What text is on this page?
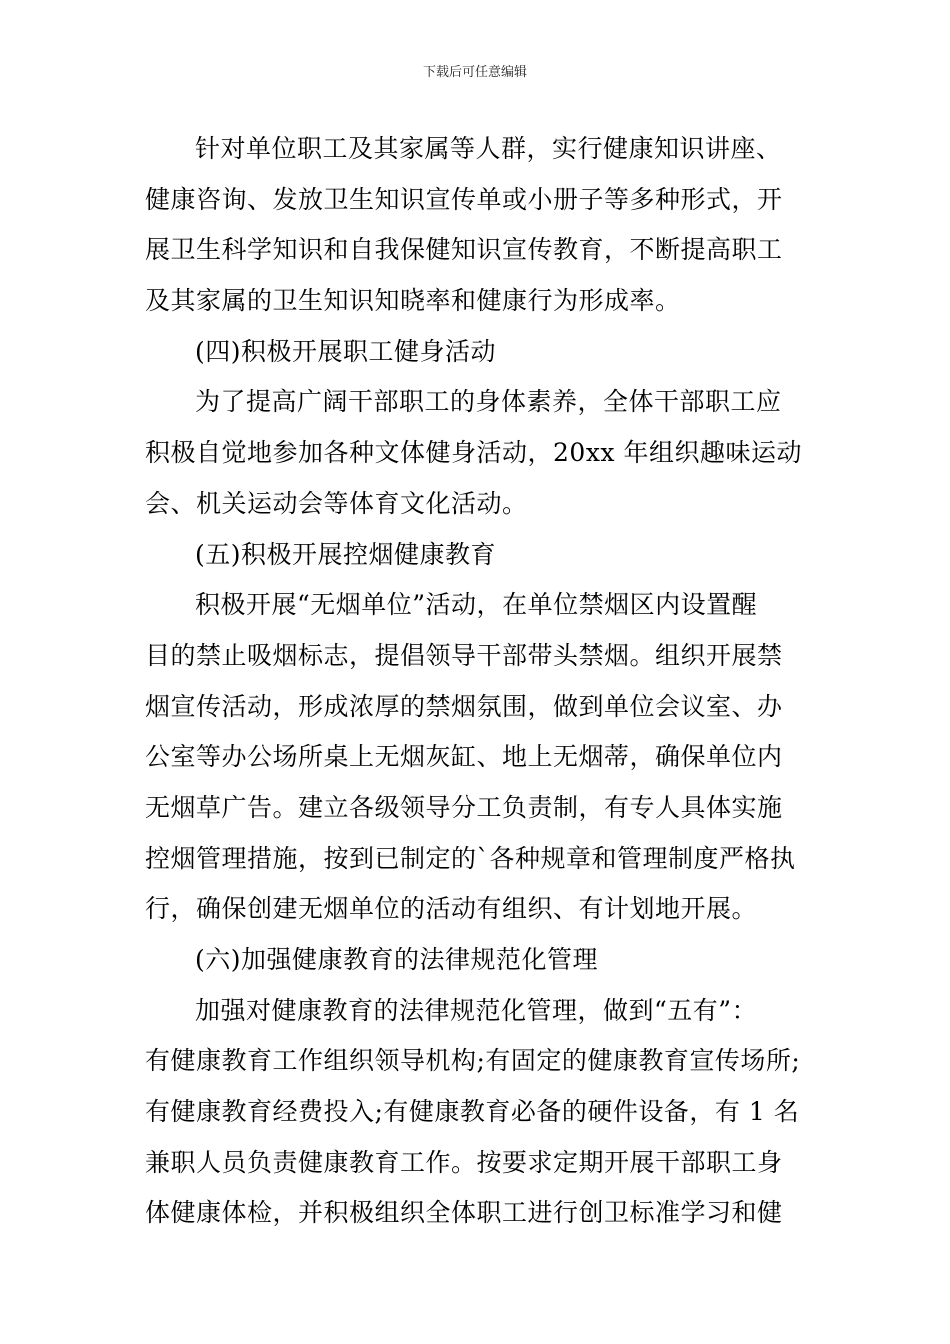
下载后可任意编辑
针对单位职工及其家属等人群，实行健康知识讲座、
健康咨询、发放卫生知识宣传单或小册子等多种形式，开
展卫生科学知识和自我保健知识宣传教育，不断提高职工
及其家属的卫生知识知晓率和健康行为形成率。
(四)积极开展职工健身活动
为了提高广阔干部职工的身体素养，全体干部职工应
积极自觉地参加各种文体健身活动，20xx 年组织趣味运动
会、机关运动会等体育文化活动。
(五)积极开展控烟健康教育
积极开展“无烟单位”活动，在单位禁烟区内设置醒
目的禁止吸烟标志，提倡领导干部带头禁烟。组织开展禁
烟宣传活动，形成浓厚的禁烟氛围，做到单位会议室、办
公室等办公场所桌上无烟灰缸、地上无烟蒂，确保单位内
无烟草广告。建立各级领导分工负责制，有专人具体实施
控烟管理措施，按到已制定的`各种规章和管理制度严格执
行，确保创建无烟单位的活动有组织、有计划地开展。
(六)加强健康教育的法律规范化管理
加强对健康教育的法律规范化管理，做到“五有”：
有健康教育工作组织领导机构;有固定的健康教育宣传场所;
有健康教育经费投入;有健康教育必备的硬件设备，有 1 名
兼职人员负责健康教育工作。按要求定期开展干部职工身
体健康体检，并积极组织全体职工进行创卫标准学习和健
